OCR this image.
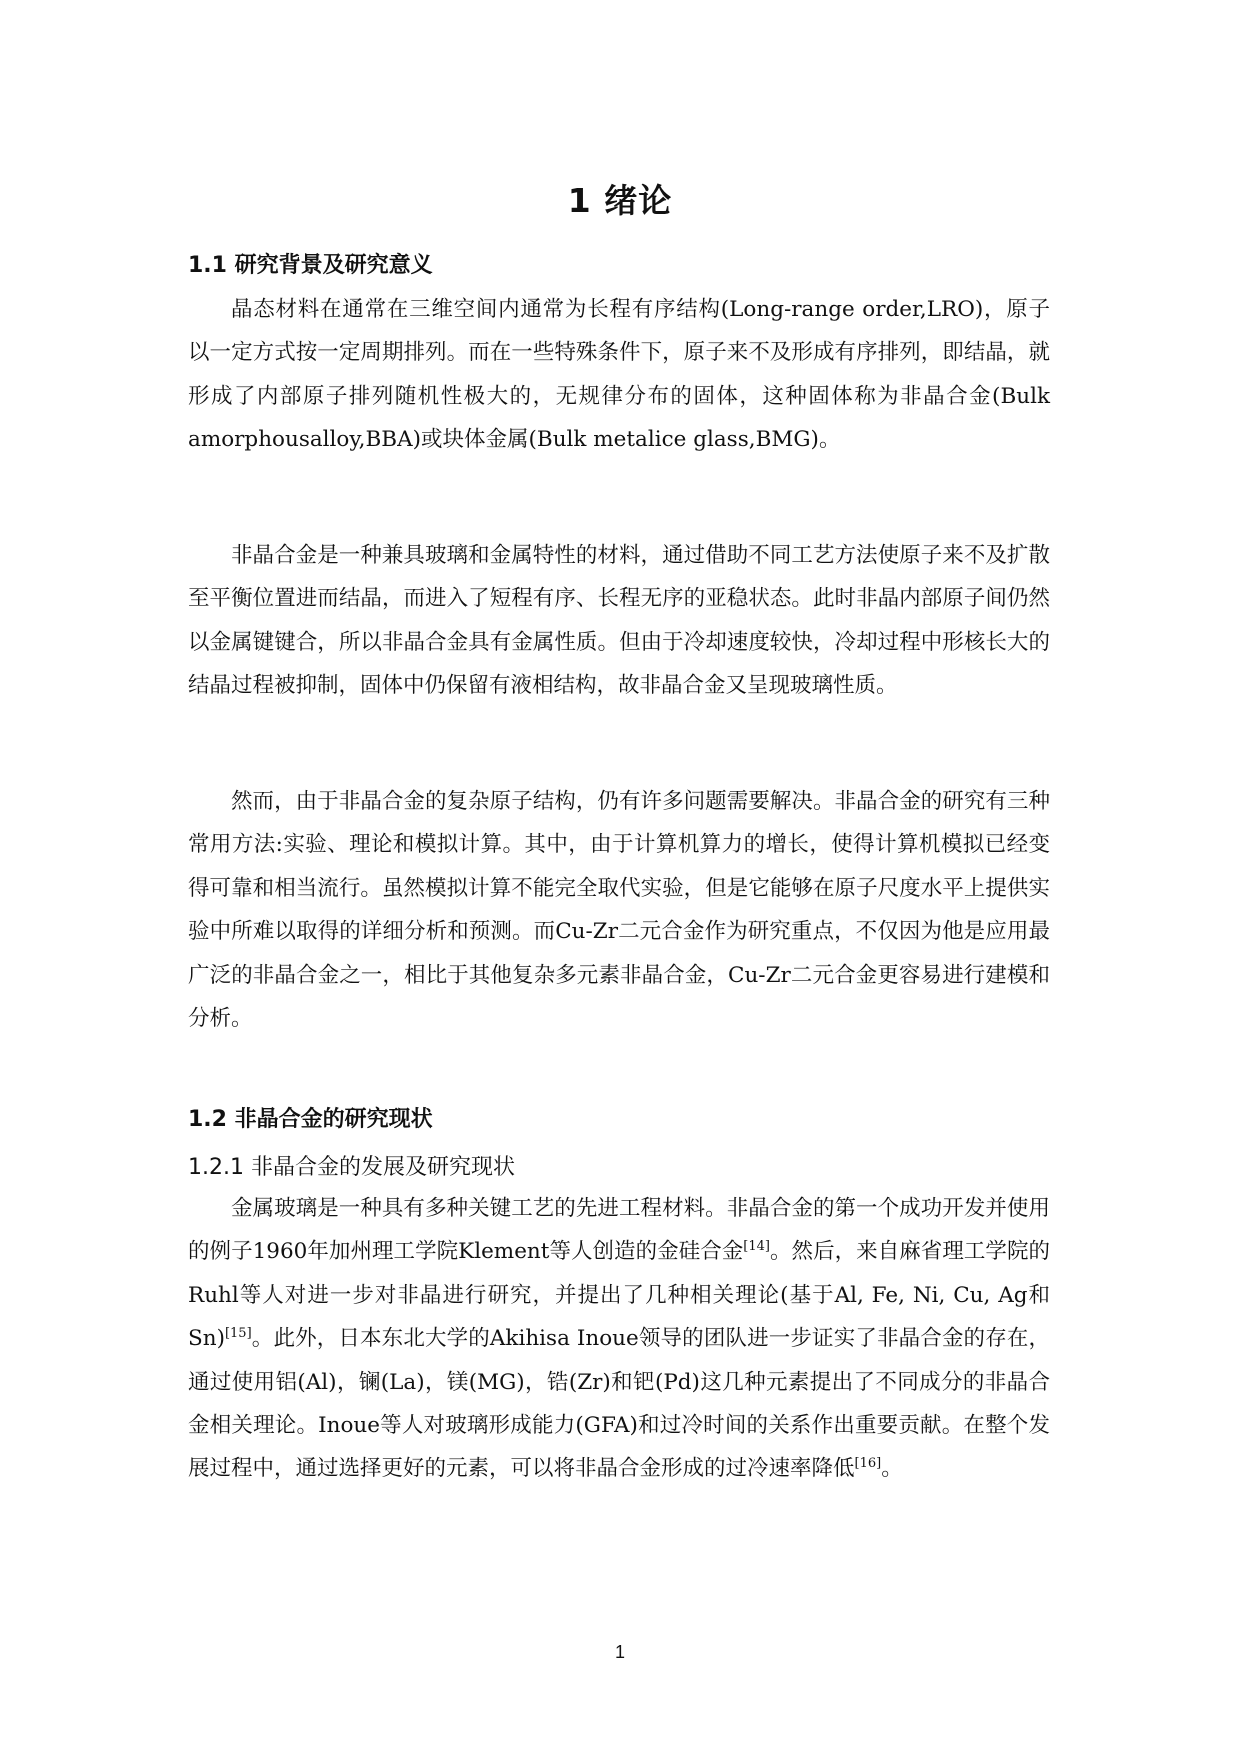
1 绪论
1.1 研究背景及研究意义

晶态材料在通常在三维空间内通常为长程有序结构(Long-range order,LRO)，原子以一定方式按一定周期排列。而在一些特殊条件下，原子来不及形成有序排列，即结晶，就形成了内部原子排列随机性极大的，无规律分布的固体，这种固体称为非晶合金(Bulk amorphousalloy,BBA)或块体金属(Bulk metalice glass,BMG)。

非晶合金是一种兼具玻璃和金属特性的材料，通过借助不同工艺方法使原子来不及扩散至平衡位置进而结晶，而进入了短程有序、长程无序的亚稳状态。此时非晶内部原子间仍然以金属键键合，所以非晶合金具有金属性质。但由于冷却速度较快，冷却过程中形核长大的结晶过程被抑制，固体中仍保留有液相结构，故非晶合金又呈现玻璃性质。

然而，由于非晶合金的复杂原子结构，仍有许多问题需要解决。非晶合金的研究有三种常用方法:实验、理论和模拟计算。其中，由于计算机算力的增长，使得计算机模拟已经变得可靠和相当流行。虽然模拟计算不能完全取代实验，但是它能够在原子尺度水平上提供实验中所难以取得的详细分析和预测。而Cu-Zr二元合金作为研究重点，不仅因为他是应用最广泛的非晶合金之一，相比于其他复杂多元素非晶合金，Cu-Zr二元合金更容易进行建模和分析。

1.2 非晶合金的研究现状
1.2.1 非晶合金的发展及研究现状

金属玻璃是一种具有多种关键工艺的先进工程材料。非晶合金的第一个成功开发并使用的例子1960年加州理工学院Klement等人创造的金硅合金[14]。然后，来自麻省理工学院的Ruhl等人对进一步对非晶进行研究，并提出了几种相关理论(基于Al, Fe, Ni, Cu, Ag和Sn)[15]。此外，日本东北大学的Akihisa Inoue领导的团队进一步证实了非晶合金的存在，通过使用铝(Al)，镧(La)，镁(MG)，锆(Zr)和钯(Pd)这几种元素提出了不同成分的非晶合金相关理论。Inoue等人对玻璃形成能力(GFA)和过冷时间的关系作出重要贡献。在整个发展过程中，通过选择更好的元素，可以将非晶合金形成的过冷速率降低[16]。

1
